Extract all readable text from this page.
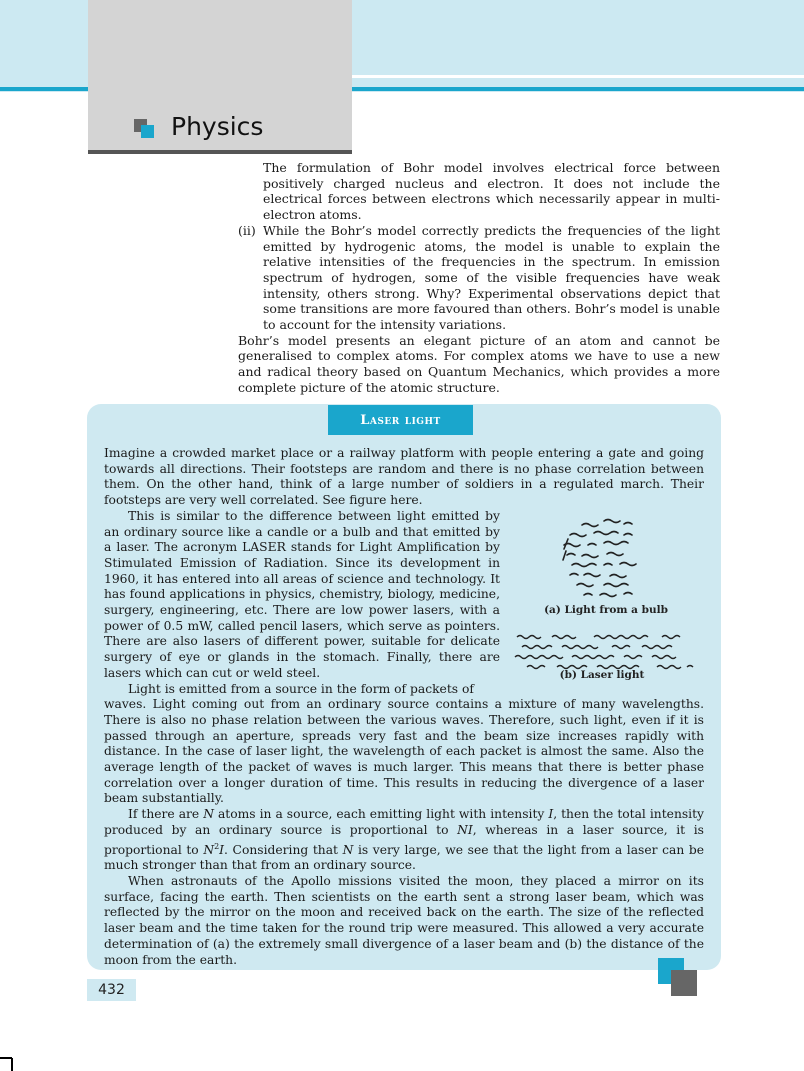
Physics

The formulation of Bohr model involves electrical force between positively charged nucleus and electron. It does not include the electrical forces between electrons which necessarily appear in multi-electron atoms.

(ii) While the Bohr’s model correctly predicts the frequencies of the light emitted by hydrogenic atoms, the model is unable to explain the relative intensities of the frequencies in the spectrum. In emission spectrum of hydrogen, some of the visible frequencies have weak intensity, others strong. Why? Experimental observations depict that some transitions are more favoured than others. Bohr’s model is unable to account for the intensity variations.

Bohr’s model presents an elegant picture of an atom and cannot be generalised to complex atoms. For complex atoms we have to use a new and radical theory based on Quantum Mechanics, which provides a more complete picture of the atomic structure.

Laser light

Imagine a crowded market place or a railway platform with people entering a gate and going towards all directions. Their footsteps are random and there is no phase correlation between them. On the other hand, think of a large number of soldiers in a regulated march. Their footsteps are very well correlated. See figure here.

This is similar to the difference between light emitted by an ordinary source like a candle or a bulb and that emitted by a laser. The acronym LASER stands for Light Amplification by Stimulated Emission of Radiation. Since its development in 1960, it has entered into all areas of science and technology. It has found applications in physics, chemistry, biology, medicine, surgery, engineering, etc. There are low power lasers, with a power of 0.5 mW, called pencil lasers, which serve as pointers. There are also lasers of different power, suitable for delicate surgery of eye or glands in the stomach. Finally, there are lasers which can cut or weld steel.

Light is emitted from a source in the form of packets of

waves. Light coming out from an ordinary source contains a mixture of many wavelengths. There is also no phase relation between the various waves. Therefore, such light, even if it is passed through an aperture, spreads very fast and the beam size increases rapidly with distance. In the case of laser light, the wavelength of each packet is almost the same. Also the average length of the packet of waves is much larger. This means that there is better phase correlation over a longer duration of time. This results in reducing the divergence of a laser beam substantially.

If there are N atoms in a source, each emitting light with intensity I, then the total intensity produced by an ordinary source is proportional to NI, whereas in a laser source, it is proportional to $N^2I$. Considering that N is very large, we see that the light from a laser can be much stronger than that from an ordinary source.

When astronauts of the Apollo missions visited the moon, they placed a mirror on its surface, facing the earth. Then scientists on the earth sent a strong laser beam, which was reflected by the mirror on the moon and received back on the earth. The size of the reflected laser beam and the time taken for the round trip were measured. This allowed a very accurate determination of (a) the extremely small divergence of a laser beam and (b) the distance of the moon from the earth.

(a) Light from a bulb
(b) Laser light
432
